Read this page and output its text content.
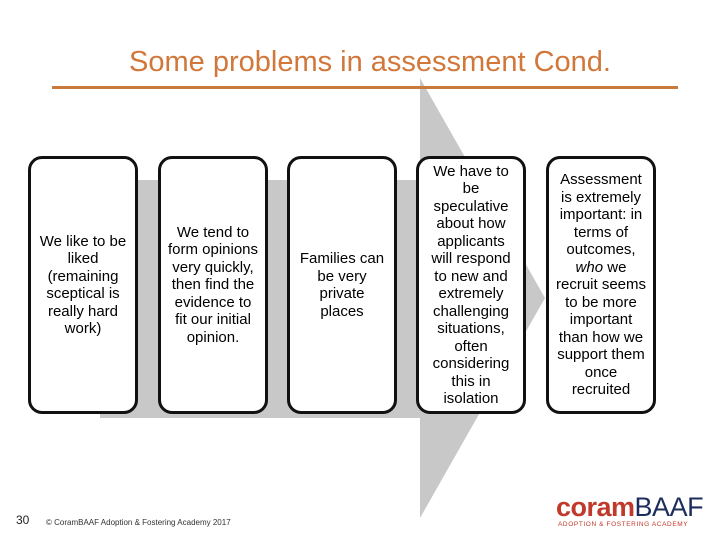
Some problems in assessment Cond.
We like to be liked (remaining sceptical is really hard work)
We tend to form opinions very quickly, then find the evidence to fit our initial opinion.
Families can be very private places
We have to be speculative about how applicants will respond to new and extremely challenging situations, often considering this in isolation
Assessment is extremely important: in terms of outcomes, who we recruit seems to be more important than how we support them once recruited
30 © CoramBAAF Adoption & Fostering Academy 2017
coramBAAF
ADOPTION & FOSTERING ACADEMY
